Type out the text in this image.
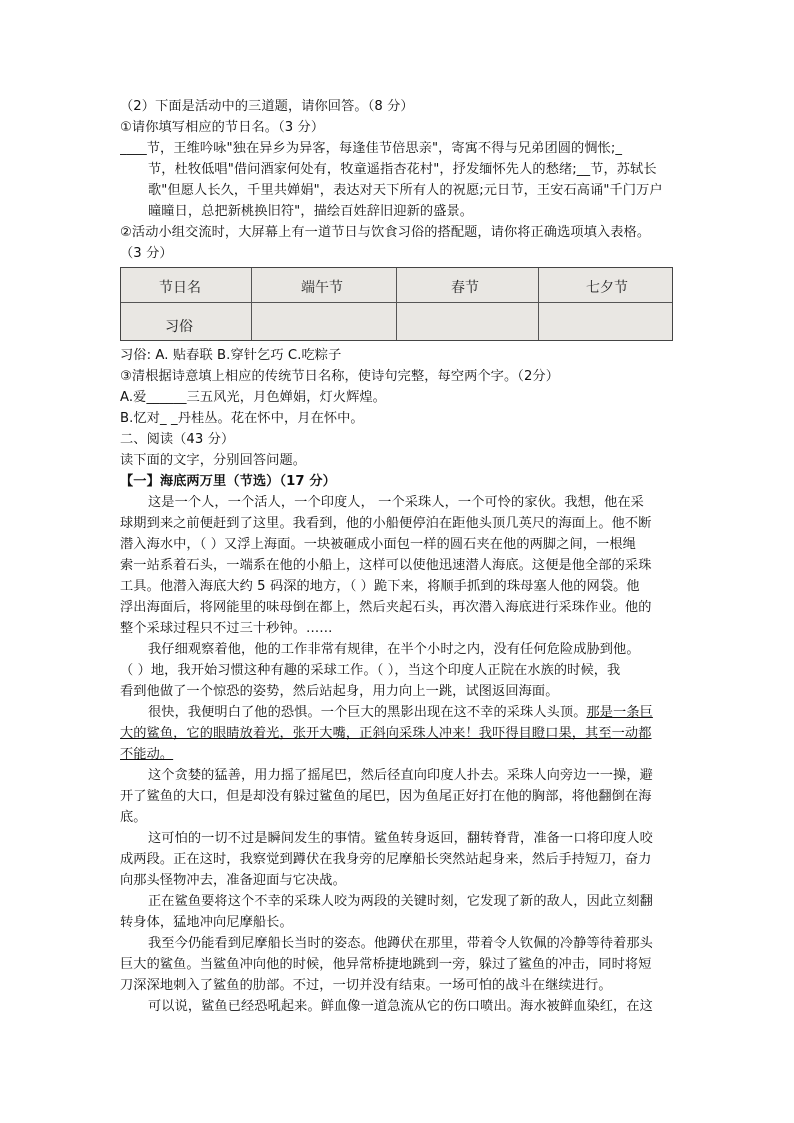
（2）下面是活动中的三道题，请你回答。（8 分）
①请你填写相应的节日名。（3 分）
____节，王维吟咏"独在异乡为异客，每逢佳节倍思亲"，寄寓不得与兄弟团圆的惆怅;_
节，杜牧低唱"借问酒家何处有，牧童遥指杏花村"，抒发缅怀先人的愁绪;__节，苏轼长
歌"但愿人长久，千里共婵娟"，表达对天下所有人的祝愿;元日节，王安石高诵"千门万户
曈曈日，总把新桃换旧符"，描绘百姓辞旧迎新的盛景。
②活动小组交流时，大屏幕上有一道节日与饮食习俗的搭配题，请你将正确选项填入表格。
（3 分）
节日名	端午节	春节	七夕节
习俗
习俗: A. 贴春联 B.穿针乞巧 C.吃粽子
③清根据诗意填上相应的传统节日名称，使诗句完整，每空两个字。（2分）
A.爱______三五风光，月色婵娟，灯火辉煌。
B.忆对_ _丹桂丛。花在怀中，月在怀中。
二、阅读（43 分）
读下面的文字，分别回答问题。
【一】海底两万里（节选）（17 分）
这是一个人，一个活人，一个印度人， 一个采珠人，一个可怜的家伙。我想，他在采
球期到来之前便赶到了这里。我看到，他的小船便停泊在距他头顶几英尺的海面上。他不断
潜入海水中，（ ）又浮上海面。一块被砸成小面包一样的圆石夹在他的两脚之间，一根绳
索一站系着石头，一端系在他的小船上，这样可以使他迅速潜人海底。这便是他全部的采珠
工具。他潜入海底大约 5 码深的地方，（ ）跪下来，将顺手抓到的珠母塞人他的网袋。他
浮出海面后，将网能里的味母倒在都上，然后夹起石头，再次潜入海底进行采珠作业。他的
整个采球过程只不过三十秒钟。……
我仔细观察着他，他的工作非常有规律，在半个小时之内，没有任何危险成胁到他。
（ ）地，我开始习惯这种有趣的采球工作。（ ），当这个印度人正院在水族的时候，我
看到他做了一个惊恐的姿势，然后站起身，用力向上一跳，试图返回海面。
很快，我便明白了他的恐惧。一个巨大的黑影出现在这不幸的采珠人头顶。那是一条巨
大的鲨鱼，它的眼睛放着光，张开大嘴，正斜向采珠人冲来！我吓得目瞪口果，其至一动都
不能动。
这个贪婪的猛善，用力摇了摇尾巴，然后径直向印度人扑去。采珠人向旁边一一操，避
开了鲨鱼的大口，但是却没有躲过鲨鱼的尾巴，因为鱼尾正好打在他的胸部，将他翻倒在海
底。
这可怕的一切不过是瞬间发生的事情。鲨鱼转身返回，翻转脊背，准备一口将印度人咬
成两段。正在这时，我察觉到蹲伏在我身旁的尼摩船长突然站起身来，然后手持短刀，奋力
向那头怪物冲去，准备迎面与它决战。
正在鲨鱼要将这个不幸的采珠人咬为两段的关键时刻，它发现了新的敌人，因此立刻翻
转身体，猛地冲向尼摩船长。
我至今仍能看到尼摩船长当时的姿态。他蹲伏在那里，带着令人钦佩的冷静等待着那头
巨大的鲨鱼。当鲨鱼冲向他的时候，他异常桥捷地跳到一旁，躲过了鲨鱼的冲击，同时将短
刀深深地刺入了鲨鱼的肋部。不过，一切并没有结束。一场可怕的战斗在继续进行。
可以说，鲨鱼已经恐吼起来。鲜血像一道急流从它的伤口喷出。海水被鲜血染红，在这
